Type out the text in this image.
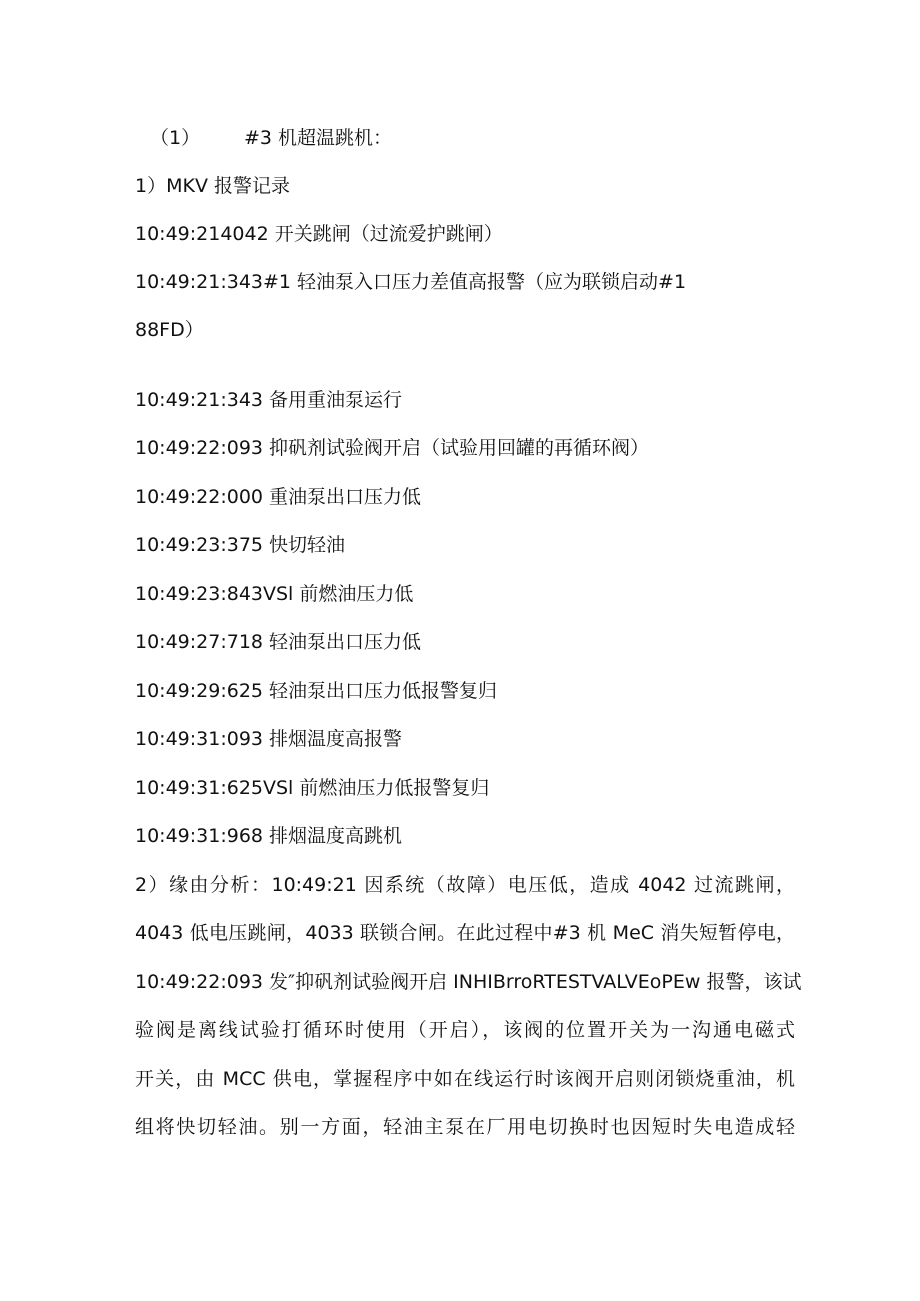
（1） #3 机超温跳机：

1）MKV 报警记录

10:49:214042 开关跳闸（过流爱护跳闸）

10:49:21:343#1 轻油泵入口压力差值高报警（应为联锁启动#1

88FD）

10:49:21:343 备用重油泵运行

10:49:22:093 抑矾剂试验阀开启（试验用回罐的再循环阀）

10:49:22:000 重油泵出口压力低

10:49:23:375 快切轻油

10:49:23:843VSl 前燃油压力低

10:49:27:718 轻油泵出口压力低

10:49:29:625 轻油泵出口压力低报警复归

10:49:31:093 排烟温度高报警

10:49:31:625VSl 前燃油压力低报警复归

10:49:31:968 排烟温度高跳机

2）缘由分析：10:49:21 因系统（故障）电压低，造成 4042 过流跳闸，

4043 低电压跳闸，4033 联锁合闸。在此过程中#3 机 MeC 消失短暂停电，

10:49:22:093 发″抑矾剂试验阀开启 INHIBrroRTESTVALVEoPEw 报警，该试

验阀是离线试验打循环时使用（开启），该阀的位置开关为一沟通电磁式

开关，由 MCC 供电，掌握程序中如在线运行时该阀开启则闭锁烧重油，机

组将快切轻油。别一方面，轻油主泵在厂用电切换时也因短时失电造成轻
